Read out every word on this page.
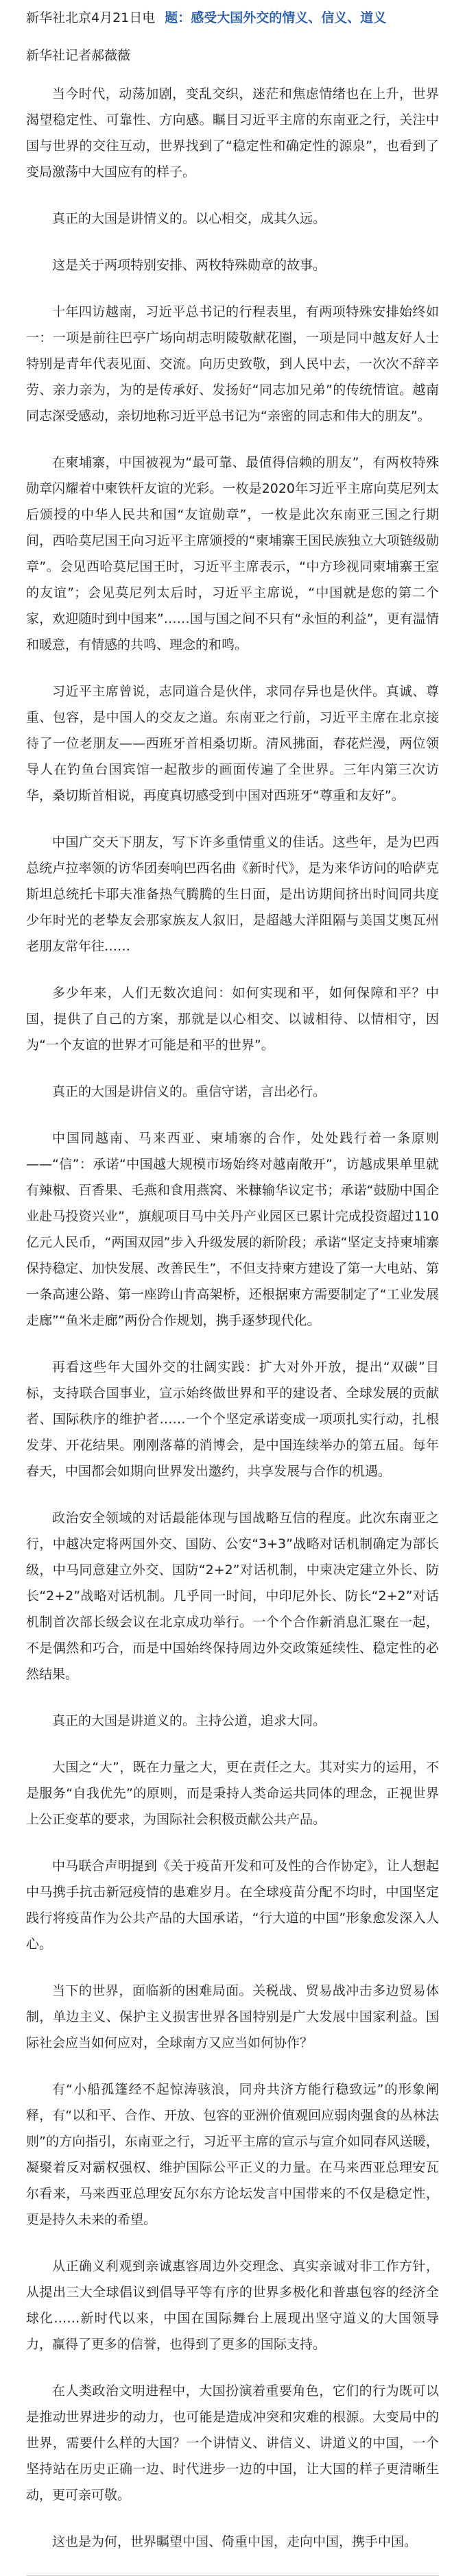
新华社北京4月21日电 题：感受大国外交的情义、信义、道义
新华社记者郝薇薇

当今时代，动荡加剧，变乱交织，迷茫和焦虑情绪也在上升，世界渴望稳定性、可靠性、方向感。瞩目习近平主席的东南亚之行，关注中国与世界的交往互动，世界找到了“稳定性和确定性的源泉”，也看到了变局激荡中大国应有的样子。

真正的大国是讲情义的。以心相交，成其久远。

这是关于两项特别安排、两枚特殊勋章的故事。

十年四访越南，习近平总书记的行程表里，有两项特殊安排始终如一：一项是前往巴亭广场向胡志明陵敬献花圈，一项是同中越友好人士特别是青年代表见面、交流。向历史致敬，到人民中去，一次次不辞辛劳、亲力亲为，为的是传承好、发扬好“同志加兄弟”的传统情谊。越南同志深受感动，亲切地称习近平总书记为“亲密的同志和伟大的朋友”。

在柬埔寨，中国被视为“最可靠、最值得信赖的朋友”，有两枚特殊勋章闪耀着中柬铁杆友谊的光彩。一枚是2020年习近平主席向莫尼列太后颁授的中华人民共和国“友谊勋章”，一枚是此次东南亚三国之行期间，西哈莫尼国王向习近平主席颁授的“柬埔寨王国民族独立大项链级勋章”。会见西哈莫尼国王时，习近平主席表示，“中方珍视同柬埔寨王室的友谊”；会见莫尼列太后时，习近平主席说，“中国就是您的第二个家，欢迎随时到中国来”……国与国之间不只有“永恒的利益”，更有温情和暖意，有情感的共鸣、理念的和鸣。

习近平主席曾说，志同道合是伙伴，求同存异也是伙伴。真诚、尊重、包容，是中国人的交友之道。东南亚之行前，习近平主席在北京接待了一位老朋友——西班牙首相桑切斯。清风拂面，春花烂漫，两位领导人在钓鱼台国宾馆一起散步的画面传遍了全世界。三年内第三次访华，桑切斯首相说，再度真切感受到中国对西班牙“尊重和友好”。

中国广交天下朋友，写下许多重情重义的佳话。这些年，是为巴西总统卢拉率领的访华团奏响巴西名曲《新时代》，是为来华访问的哈萨克斯坦总统托卡耶夫准备热气腾腾的生日面，是出访期间挤出时间同共度少年时光的老挚友会那家族友人叙旧，是超越大洋阻隔与美国艾奥瓦州老朋友常年往……

多少年来，人们无数次追问：如何实现和平，如何保障和平？中国，提供了自己的方案，那就是以心相交、以诚相待、以情相守，因为“一个友谊的世界才可能是和平的世界”。

真正的大国是讲信义的。重信守诺，言出必行。

中国同越南、马来西亚、柬埔寨的合作，处处践行着一条原则——“信”：承诺“中国越大规模市场始终对越南敞开”，访越成果单里就有辣椒、百香果、毛燕和食用燕窝、米糠输华议定书；承诺“鼓励中国企业赴马投资兴业”，旗舰项目马中关丹产业园区已累计完成投资超过110亿元人民币，“两国双园”步入升级发展的新阶段；承诺“坚定支持柬埔寨保持稳定、加快发展、改善民生”，不但支持柬方建设了第一大电站、第一条高速公路、第一座跨山肯高架桥，还根据柬方需要制定了“工业发展走廊”“鱼米走廊”两份合作规划，携手逐梦现代化。

再看这些年大国外交的壮阔实践：扩大对外开放，提出“双碳”目标，支持联合国事业，宣示始终做世界和平的建设者、全球发展的贡献者、国际秩序的维护者……一个个坚定承诺变成一项项扎实行动，扎根发芽、开花结果。刚刚落幕的消博会，是中国连续举办的第五届。每年春天，中国都会如期向世界发出邀约，共享发展与合作的机遇。

政治安全领域的对话最能体现与国战略互信的程度。此次东南亚之行，中越决定将两国外交、国防、公安“3+3”战略对话机制确定为部长级，中马同意建立外交、国防“2+2”对话机制，中柬决定建立外长、防长“2+2”战略对话机制。几乎同一时间，中印尼外长、防长“2+2”对话机制首次部长级会议在北京成功举行。一个个合作新消息汇聚在一起，不是偶然和巧合，而是中国始终保持周边外交政策延续性、稳定性的必然结果。

真正的大国是讲道义的。主持公道，追求大同。

大国之“大”，既在力量之大，更在责任之大。其对实力的运用，不是服务“自我优先”的原则，而是秉持人类命运共同体的理念，正视世界上公正变革的要求，为国际社会积极贡献公共产品。

中马联合声明提到《关于疫苗开发和可及性的合作协定》，让人想起中马携手抗击新冠疫情的患难岁月。在全球疫苗分配不均时，中国坚定践行将疫苗作为公共产品的大国承诺，“行大道的中国”形象愈发深入人心。

当下的世界，面临新的困难局面。关税战、贸易战冲击多边贸易体制，单边主义、保护主义损害世界各国特别是广大发展中国家利益。国际社会应当如何应对，全球南方又应当如何协作？

有“小船孤篷经不起惊涛骇浪，同舟共济方能行稳致远”的形象阐释，有“以和平、合作、开放、包容的亚洲价值观回应弱肉强食的丛林法则”的方向指引，东南亚之行，习近平主席的宣示与宣介如同春风送暖，凝聚着反对霸权强权、维护国际公平正义的力量。在马来西亚总理安瓦尔看来，马来西亚总理安瓦尔东方论坛发言中国带来的不仅是稳定性，更是持久未来的希望。

从正确义利观到亲诚惠容周边外交理念、真实亲诚对非工作方针，从提出三大全球倡议到倡导平等有序的世界多极化和普惠包容的经济全球化……新时代以来，中国在国际舞台上展现出坚守道义的大国领导力，赢得了更多的信誉，也得到了更多的国际支持。

在人类政治文明进程中，大国扮演着重要角色，它们的行为既可以是推动世界进步的动力，也可能是造成冲突和灾难的根源。大变局中的世界，需要什么样的大国？一个讲情义、讲信义、讲道义的中国，一个坚持站在历史正确一边、时代进步一边的中国，让大国的样子更清晰生动，更可亲可敬。

这也是为何，世界瞩望中国、倚重中国，走向中国，携手中国。
